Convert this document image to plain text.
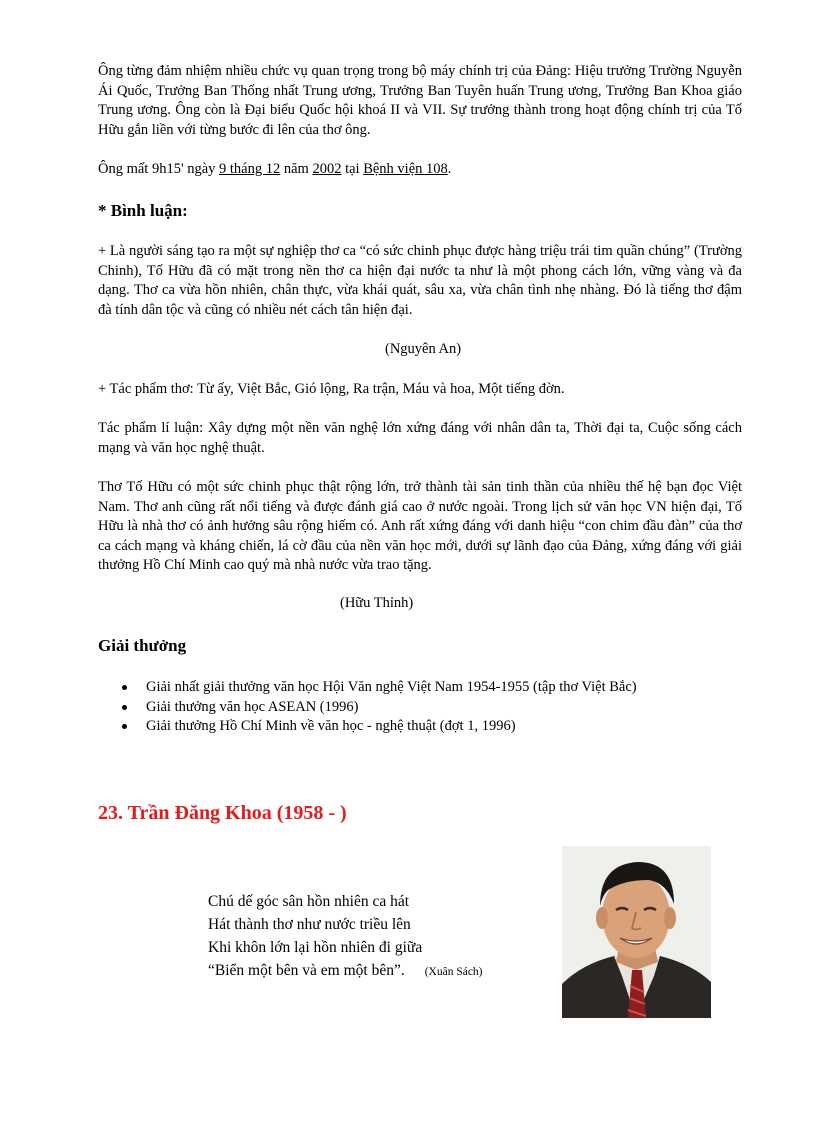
Ông từng đảm nhiệm nhiều chức vụ quan trọng trong bộ máy chính trị của Đảng: Hiệu trưởng Trường Nguyễn Ái Quốc, Trưởng Ban Thống nhất Trung ương, Trưởng Ban Tuyên huấn Trung ương, Trưởng Ban Khoa giáo Trung ương. Ông còn là Đại biểu Quốc hội khoá II và VII. Sự trưởng thành trong hoạt động chính trị của Tố Hữu gắn liền với từng bước đi lên của thơ ông.

Ông mất 9h15' ngày 9 tháng 12 năm 2002 tại Bệnh viện 108.

* Bình luận:

+ Là người sáng tạo ra một sự nghiệp thơ ca “có sức chinh phục được hàng triệu trái tim quần chúng” (Trường Chinh), Tố Hữu đã có mặt trong nền thơ ca hiện đại nước ta như là một phong cách lớn, vững vàng và đa dạng. Thơ ca vừa hồn nhiên, chân thực, vừa khái quát, sâu xa, vừa chân tình nhẹ nhàng. Đó là tiếng thơ đậm đà tính dân tộc và cũng có nhiều nét cách tân hiện đại.

(Nguyên An)

+ Tác phẩm thơ: Từ ấy, Việt Bắc, Gió lộng, Ra trận, Máu và hoa, Một tiếng đờn.

Tác phẩm lí luận: Xây dựng một nền văn nghệ lớn xứng đáng với nhân dân ta, Thời đại ta, Cuộc sống cách mạng và văn học nghệ thuật.

Thơ Tố Hữu có một sức chinh phục thật rộng lớn, trở thành tài sản tinh thần của nhiều thế hệ bạn đọc Việt Nam. Thơ anh cũng rất nổi tiếng và được đánh giá cao ở nước ngoài. Trong lịch sử văn học VN hiện đại, Tố Hữu là nhà thơ có ảnh hưởng sâu rộng hiếm có. Anh rất xứng đáng với danh hiệu “con chim đầu đàn” của thơ ca cách mạng và kháng chiến, lá cờ đầu của nền văn học mới, dưới sự lãnh đạo của Đảng, xứng đáng với giải thưởng Hồ Chí Minh cao quý mà nhà nước vừa trao tặng.

(Hữu Thỉnh)
Giải thưởng
Giải nhất giải thưởng văn học Hội Văn nghệ Việt Nam 1954-1955 (tập thơ Việt Bắc)
Giải thưởng văn học ASEAN (1996)
Giải thưởng Hồ Chí Minh về văn học - nghệ thuật (đợt 1, 1996)
23. Trần Đăng Khoa (1958 - )
Chú dế góc sân hồn nhiên ca hát
Hát thành thơ như nước triều lên
Khi khôn lớn lại hồn nhiên đi giữa
“Biển một bên và em một bên”. (Xuân Sách)
